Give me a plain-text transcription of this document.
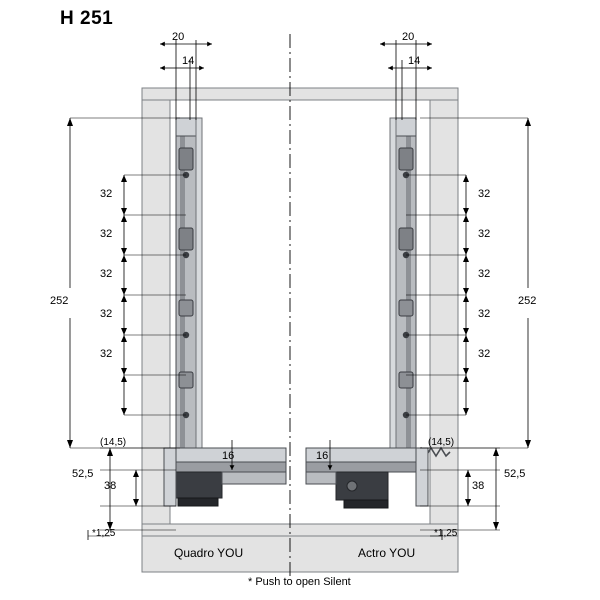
H 251
20
14
20
14
252	252
32
32
32
32
32
32
32
32
32
32
16	16
(14,5)	(14,5)
52,5	52,5
38	38
*1,25	*1,25
Quadro YOU	Actro YOU
* Push to open Silent
